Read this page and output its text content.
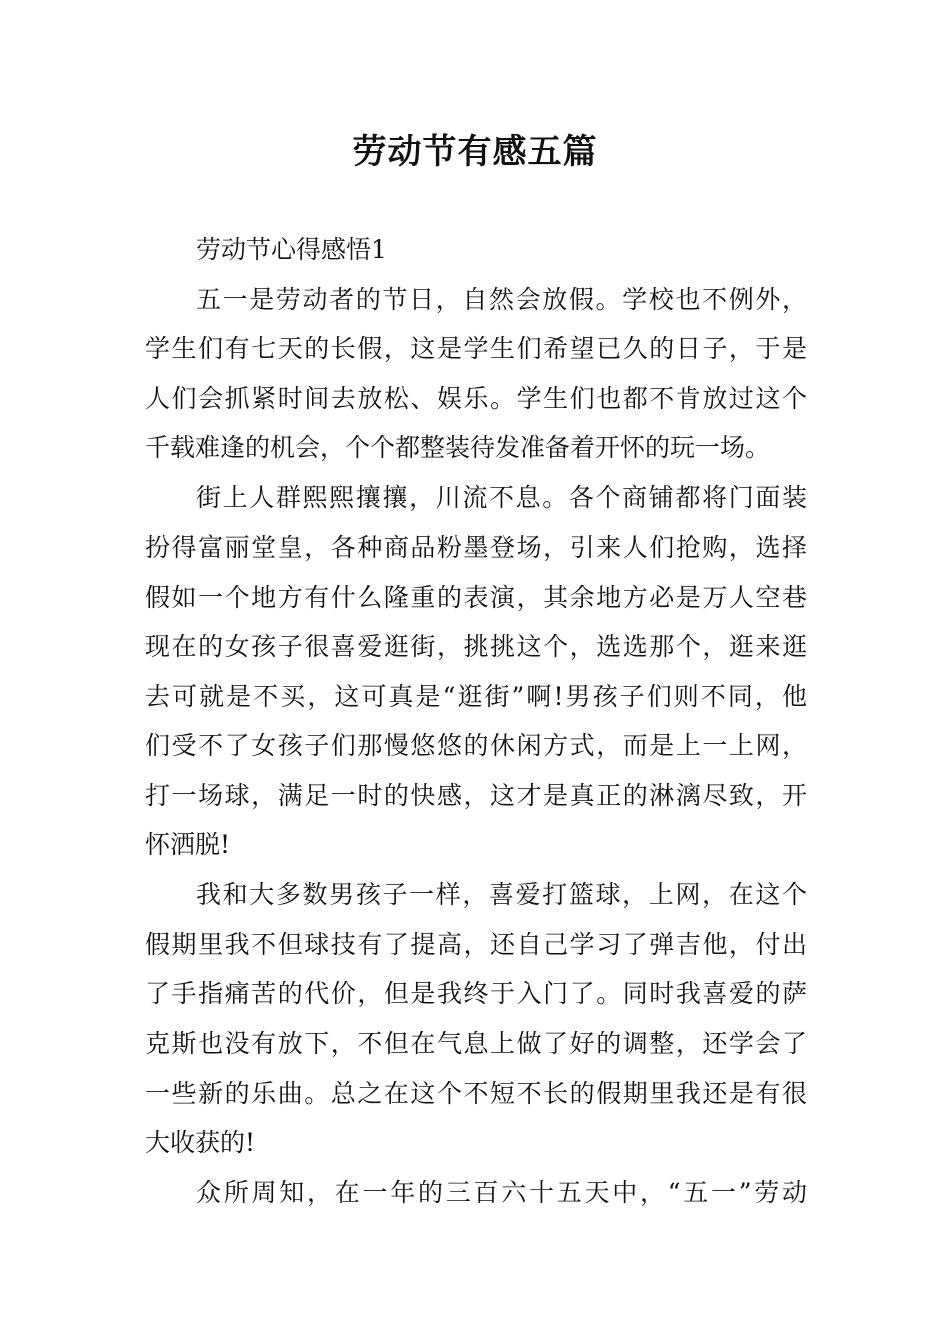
劳动节有感五篇
劳动节心得感悟1
五一是劳动者的节日，自然会放假。学校也不例外，
学生们有七天的长假，这是学生们希望已久的日子，于是
人们会抓紧时间去放松、娱乐。学生们也都不肯放过这个
千载难逢的机会，个个都整装待发准备着开怀的玩一场。
街上人群熙熙攘攘，川流不息。各个商铺都将门面装
扮得富丽堂皇，各种商品粉墨登场，引来人们抢购，选择
假如一个地方有什么隆重的表演，其余地方必是万人空巷
现在的女孩子很喜爱逛街，挑挑这个，选选那个，逛来逛
去可就是不买，这可真是“逛街”啊!男孩子们则不同，他
们受不了女孩子们那慢悠悠的休闲方式，而是上一上网，
打一场球，满足一时的快感，这才是真正的淋漓尽致，开
怀洒脱!
我和大多数男孩子一样，喜爱打篮球，上网，在这个
假期里我不但球技有了提高，还自己学习了弹吉他，付出
了手指痛苦的代价，但是我终于入门了。同时我喜爱的萨
克斯也没有放下，不但在气息上做了好的调整，还学会了
一些新的乐曲。总之在这个不短不长的假期里我还是有很
大收获的!
众所周知，在一年的三百六十五天中，“五一”劳动
